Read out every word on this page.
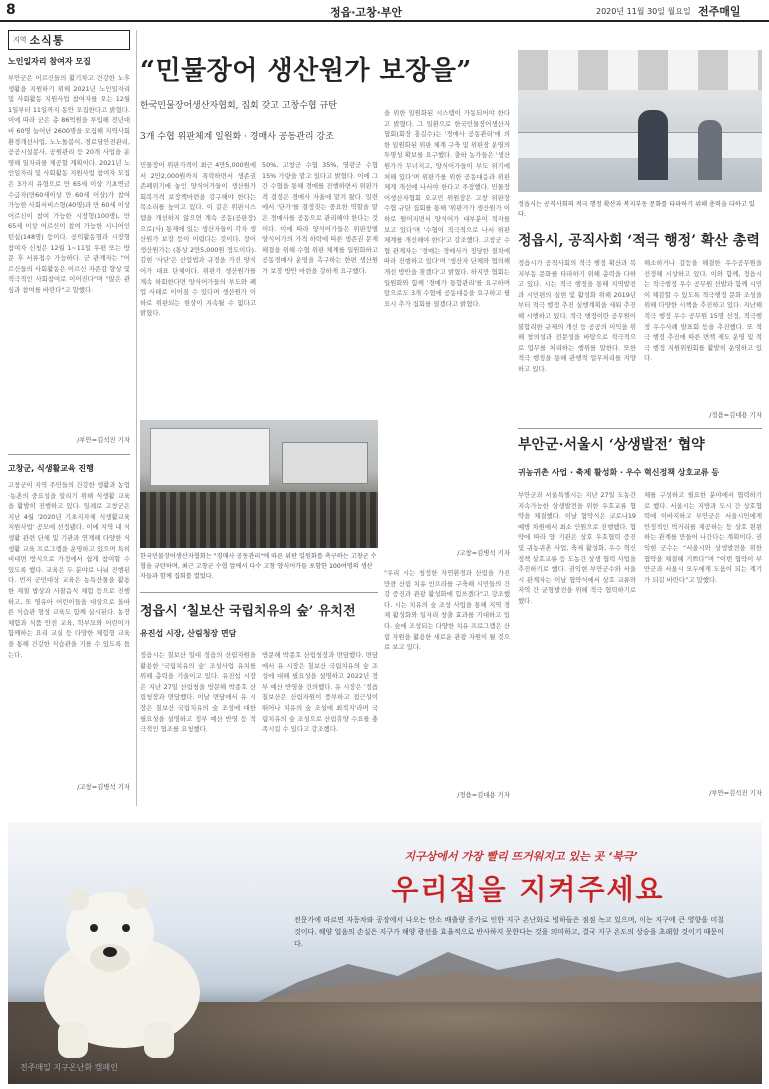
8	정읍·고창·부안	2020년 11월 30일 월요일 전주매일
지역 소식통
노인일자리 참여자 모집
부안군은 어르신들의 활기차고 건강한 노후생활을 지원하기 위해 2021년 노인일자리 및 사회활동 지원사업 참여자를 오는 12월 1일부터 11일까지 동안 모집한다고 밝혔다. 이에 따라 군은 총 86억원을 투입해 전년대비 60명 늘어난 2600명을 모집해 지역사회환경개선사업, 노노돌봄이, 경로당안전관리, 공공시설봉사, 공원관리 등 20개 사업을 운영해 일자리를 제공할 계획이다. 2021년 노인일자리 및 사회활동 지원사업 참여자 모집은 3가지 유형으로 만 65세 이상 기초연금수급자(만60세이상 만 60세 이상)가 참여 가능한 사회서비스형(40명)과 만 60세 이상 어르신이 참여 가능한 시장형(100명), 만 65세 이상 어르신이 참여 가능한 시니어인턴십(148명) 등이다. 공익활동형과 시장형 참여자 신청은 12월 1~11일 우편 또는 방문 후 서류접수 가능하다. 군 관계자는 "어르신들의 사회활동은 어르신 자존감 향상 및 적극적인 사회참여로 이어진다"며 "많은 관심과 참여를 바란다"고 말했다.
/부안=김석진 기자
고창군, 식생활교육 진행
고창군이 지역 주민들의 건강한 생활과 농업·농촌의 중요성을 알리기 위해 식생활 교육을 활발히 진행하고 있다. 일례로 고창군은 지난 4월 '2020년 기초지자체 식생활교육 지원사업' 공모에 선정됐다. 이에 지역 내 식생활 관련 단체 및 기관과 연계해 다양한 식생활 교육 프로그램을 운영하고 있으며 특히 비대면 방식으로 가정에서 쉽게 참여할 수 있도록 했다. 교육은 두 분야로 나눠 진행된다. 먼저 군민대상 교육은 농특산물을 활용한 제철 밥상과 사찰음식 체험 등으로 진행하고, 또 영유아 어린이들을 대상으로 올바른 식습관 형성 교육도 함께 실시된다. 농장 체험과 식품 안전 교육, 학부모와 어린이가 함께하는 요리 교실 등 다양한 체험형 교육을 통해 건강한 식습관을 기를 수 있도록 돕는다.
/고창=김병석 기자
“민물장어 생산원가 보장을”
한국민물장어생산자협회, 집회 갖고 고창수협 규탄
3개 수협 위판체계 일원화 · 경매사 공동관리 강조
민물장어 위판가격이 최근 4만5,000원에서 2만2,000원까지 폭락하면서 생존권 존폐위기에 놓인 양식어가들이 생산원가 회복가격 보장책마련을 강구해야 한다는 목소리를 높이고 있다. 이 같은 위판시스템을 개선하지 않으면 계속 공동(공판장)으로(사) 통제에 있는 생산자들이 각자 생산원가 보장 등이 어렵다는 것이다. 장어 생산원가는 (통상 2만5,000원 정도이다). 김현 '사단'은 산업법과 규정을 가진 양식어가 대표 단체이다. 위판가 생산원가를 계속 하회한다면 양식어가들의 부도와 폐업 사태로 이어질 수 있다며 생산원가 이하로 위판되는 현상이 지속될 수 없다고 밝혔다.
50%, 고창군 수협 35%, 영광군 수협 15% 가량을 맡고 있다고 밝혔다. 이에 그간 수협을 통해 경매를 진행하면서 위판가격 결정은 경매사 자율에 맡겨 왔다. 일련에서 '단가'를 결정짓는 중요한 역할을 맡은 경매사를 공동으로 관리해야 한다는 것이다. 이에 따라 양식어가들은 위판장별 양식어가의 가격 하락에 따른 생존권 문제 해결을 위해 수협 위판 체계를 일원화하고 공동경매사 운영을 촉구하는 한편 생산원가 보장 방안 마련을 강하게 요구했다.
을 위한 일원화된 시스템이 가동되어야 한다고 밝혔다. 그 일환으로 한국민물장어생산자협회(회장 홍길수)는 '경매사 공동관리'에 의한 일원화된 위판 체계 구축 및 위판장 운영의 투명성 확보를 요구했다. 출하 농가들은 '생산원가가 무너지고, 양식어가들이 부도 위기에 처해 있다'며 위판가를 위한 공동대응과 위판체계 개선에 나서야 한다고 주장했다. 민물장어생산자협회 오교민 위원장은 고창 위판장 수협 규탄 집회를 통해 '위판가가 생산원가 이하로 떨어지면서 양식어가 대부분이 적자를 보고 있다'며 '수협이 적극적으로 나서 위판 체계를 개선해야 한다'고 강조했다. 고창군 수협 관계자는 '경매는 경매사가 정당한 절차에 따라 진행하고 있다'며 '생산자 단체와 협의해 개선 방안을 찾겠다'고 밝혔다. 하지만 협회는 일원화와 함께 '경매가 통합관리'를 요구하며 앞으로도 3개 수협에 공동대응을 요구하고 필요시 추가 집회를 열겠다고 밝혔다.
/고창=김병석 기자
한국민물장어생산자협회는 "경매사 공동관리"에 따른 위판 일원화를 촉구하는 고창군 수협을 규탄하며, 최근 고창군 수협 앞에서 다수 고창 양식어가들 포함한 100여명의 생산자들과 함께 집회를 열었다.
정읍시는 공직사회의 적극 행정 확산과 복지부동 문화를 타파하기 위해 총력을 다하고 있다.
정읍시, 공직사회 ‘적극 행정’ 확산 총력
정읍시가 공직사회의 적극 행정 확산과 복지부동 문화를 타파하기 위해 총력을 다하고 있다. 시는 적극 행정을 통해 지역발전과 시민편의 실현 및 활성화 위해 2019년부터 적극 행정 추진 실행계획을 세워 추진해 시행하고 있다. 적극 행정이란 공무원이 불합리한 규제의 개선 등 공공의 이익을 위해 창의성과 전문성을 바탕으로 적극적으로 업무를 처리하는 행위를 말한다. 또한 적극 행정을 통해 관행적 업무처리를 지양하고 있다.
해소하거나 갈등을 해결한 우수공무원을 선정해 시상하고 있다. 이와 함께, 정읍시는 적극행정 우수 공무원 선발과 함께 시민이 체감할 수 있도록 적극행정 문화 조성을 위해 다양한 시책을 추진하고 있다. 지난해 적극 행정 우수 공무원 15명 선정, 적극행정 우수사례 발표회 등을 추진했다. 또 적극 행정 추진에 따른 면책 제도 운영 및 적극 행정 지원위원회를 활발히 운영하고 있다.
/정읍=김대용 기자
부안군·서울시 ‘상생발전’ 협약
귀농귀촌 사업 · 축제 활성화 · 우수 혁신정책 상호교류 등
부안군과 서울특별시는 지난 27일 도농간 지속가능한 상생발전을 위한 우호교류 협약을 체결했다. 이날 협약식은 코로나19 예방 차원에서 최소 인원으로 진행했다. 협약에 따라 양 기관은 상호 우호협력 증진 및 귀농귀촌 사업, 축제 활성화, 우수 혁신정책 상호교류 등 도농간 상생 협력 사업을 추진하기로 했다. 권익현 부안군수와 서울시 관계자는 이날 협약식에서 상호 교류와 지역 간 균형발전을 위해 적극 협력하기로 했다.
체를 구성하고 필요한 분야에서 협력하기로 했다. 서울시는 지방과 도시 간 상호협력에 이바지하고 부안군은 서울시민에게 안정적인 먹거리를 제공하는 등 상호 윈윈하는 관계를 만들어 나간다는 계획이다. 권익현 군수는 “서울시와 상생발전을 위한 협약을 체결해 기쁘다”며 “이번 협약이 부안군과 서울시 모두에게 도움이 되는 계기가 되길 바란다”고 말했다.
/부안=김석진 기자
정읍시 ‘칠보산 국립치유의 숲’ 유치전
유진섭 시장, 산림청장 면담
정읍시는 칠보산 일대 정읍의 산림자원을 활용한 '국립치유의 숲' 조성사업 유치를 위해 총력을 기울이고 있다. 유진섭 시장은 지난 27일 산림청을 방문해 박종호 산림청장과 면담했다. 이날 면담에서 유 시장은 칠보산 국립치유의 숲 조성에 대한 필요성을 설명하고 정부 예산 반영 등 적극적인 협조를 요청했다.
방문해 박종호 산림청장과 면담했다. 면담에서 유 시장은 칠보산 국립치유의 숲 조성에 대해 필요성을 설명하고 2022년 정부 예산 반영을 건의했다. 유 시장은 '정읍 칠보산은 산림자원이 풍부하고 접근성이 뛰어나 치유의 숲 조성에 최적지'라며 국립치유의 숲 조성으로 산림휴양 수요를 충족시킬 수 있다고 강조했다.
"우리 시는 청정한 자연환경과 산림을 가진 만큼 산림 치유 인프라를 구축해 시민들의 건강 증진과 관광 활성화에 힘쓰겠다"고 강조했다. 시는 치유의 숲 조성 사업을 통해 지역 경제 활성화와 일자리 창출 효과를 기대하고 있다. 숲에 조성되는 다양한 치유 프로그램은 산림 자원을 활용한 새로운 관광 자원이 될 것으로 보고 있다.
/정읍=김대용 기자
지구상에서 가장 빨리 뜨거워지고 있는 곳 ‘북극’
우리집을 지켜주세요
전문가에 따르면 자동차와 공장에서 나오는 탄소 배출량 증가로 인한 지구 온난화로 빙하들은 점점 녹고 있으며, 이는 지구에 큰 영향을 미칠 것이다. 해양 얼음의 손실은 지구가 해양 광선을 효율적으로 반사하지 못한다는 것을 의미하고, 결국 지구 온도의 상승을 초래할 것이기 때문이다.
전주매일 지구온난화 캠페인
